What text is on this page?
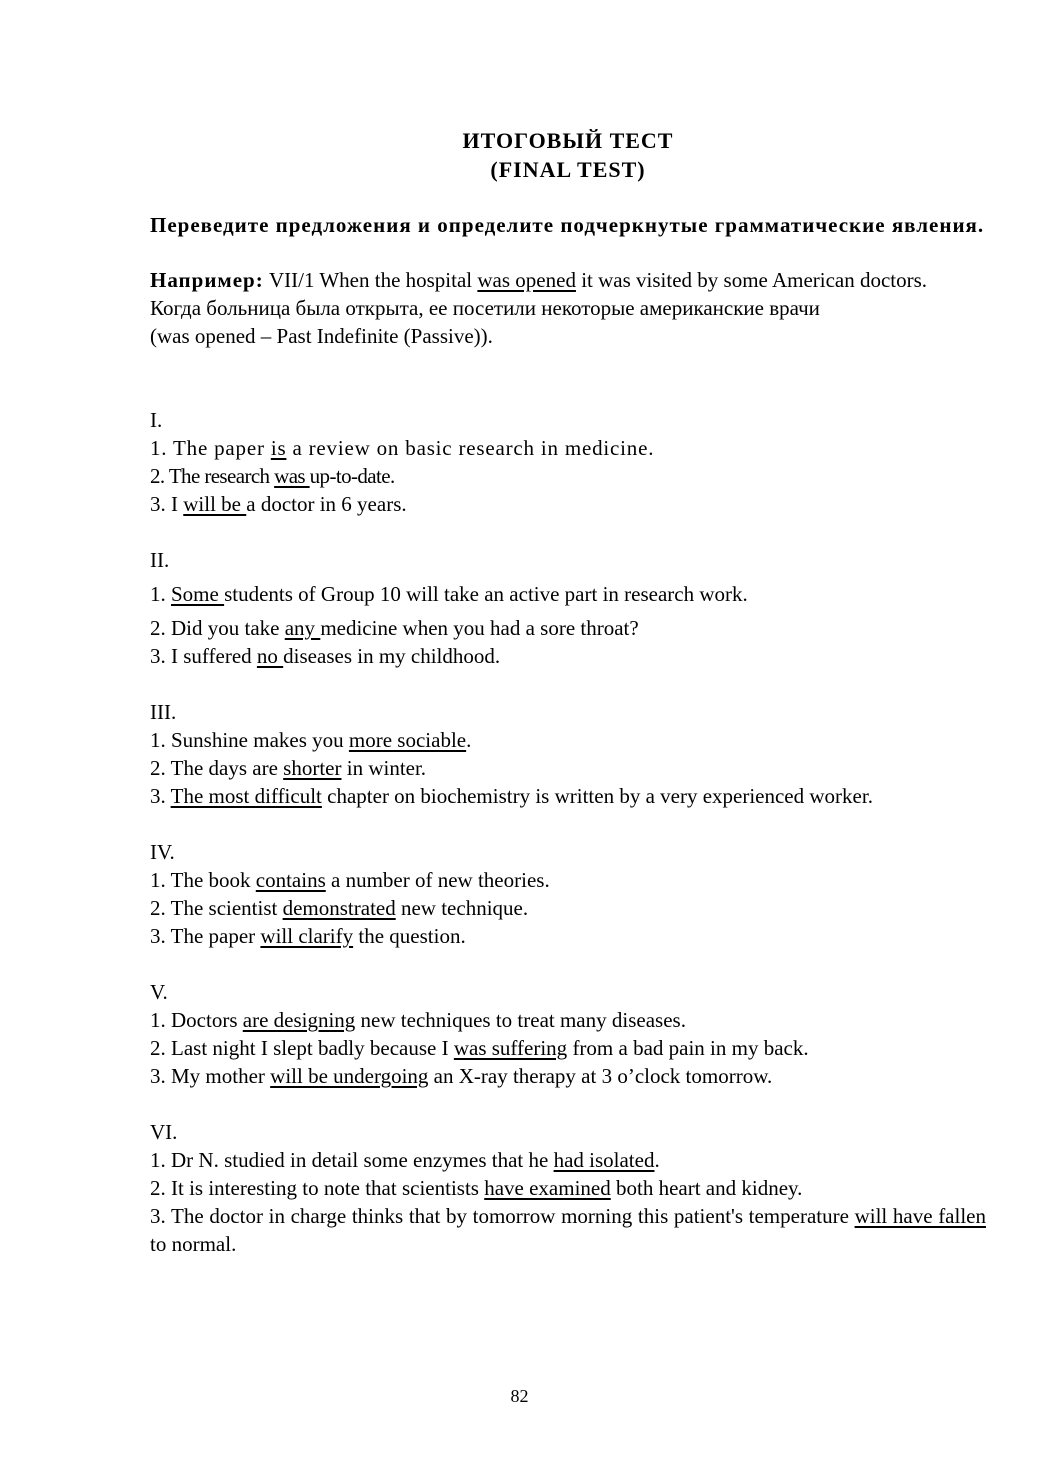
ИТОГОВЫЙ ТЕСТ
(FINAL TEST)
Переведите предложения и определите подчеркнутые грамматические явления.
Например: VII/1 When the hospital was opened it was visited by some American doctors.
Когда больница была открыта, ее посетили некоторые американские врачи
(was opened – Past Indefinite (Passive)).
I.
1. The paper is a review on basic research in medicine.
2. The research was up-to-date.
3. I will be a doctor in 6 years.
II.
1. Some students of Group 10 will take an active part in research work.
2. Did you take any medicine when you had a sore throat?
3. I suffered no diseases in my childhood.
III.
1. Sunshine makes you more sociable.
2. The days are shorter in winter.
3. The most difficult chapter on biochemistry is written by a very experienced worker.
IV.
1. The book contains a number of new theories.
2. The scientist demonstrated new technique.
3. The paper will clarify the question.
V.
1. Doctors are designing new techniques to treat many diseases.
2. Last night I slept badly because I was suffering from a bad pain in my back.
3. My mother will be undergoing an X-ray therapy at 3 o’clock tomorrow.
VI.
1. Dr N. studied in detail some enzymes that he had isolated.
2. It is interesting to note that scientists have examined both heart and kidney.
3. The doctor in charge thinks that by tomorrow morning this patient's temperature will have fallen to normal.
82
